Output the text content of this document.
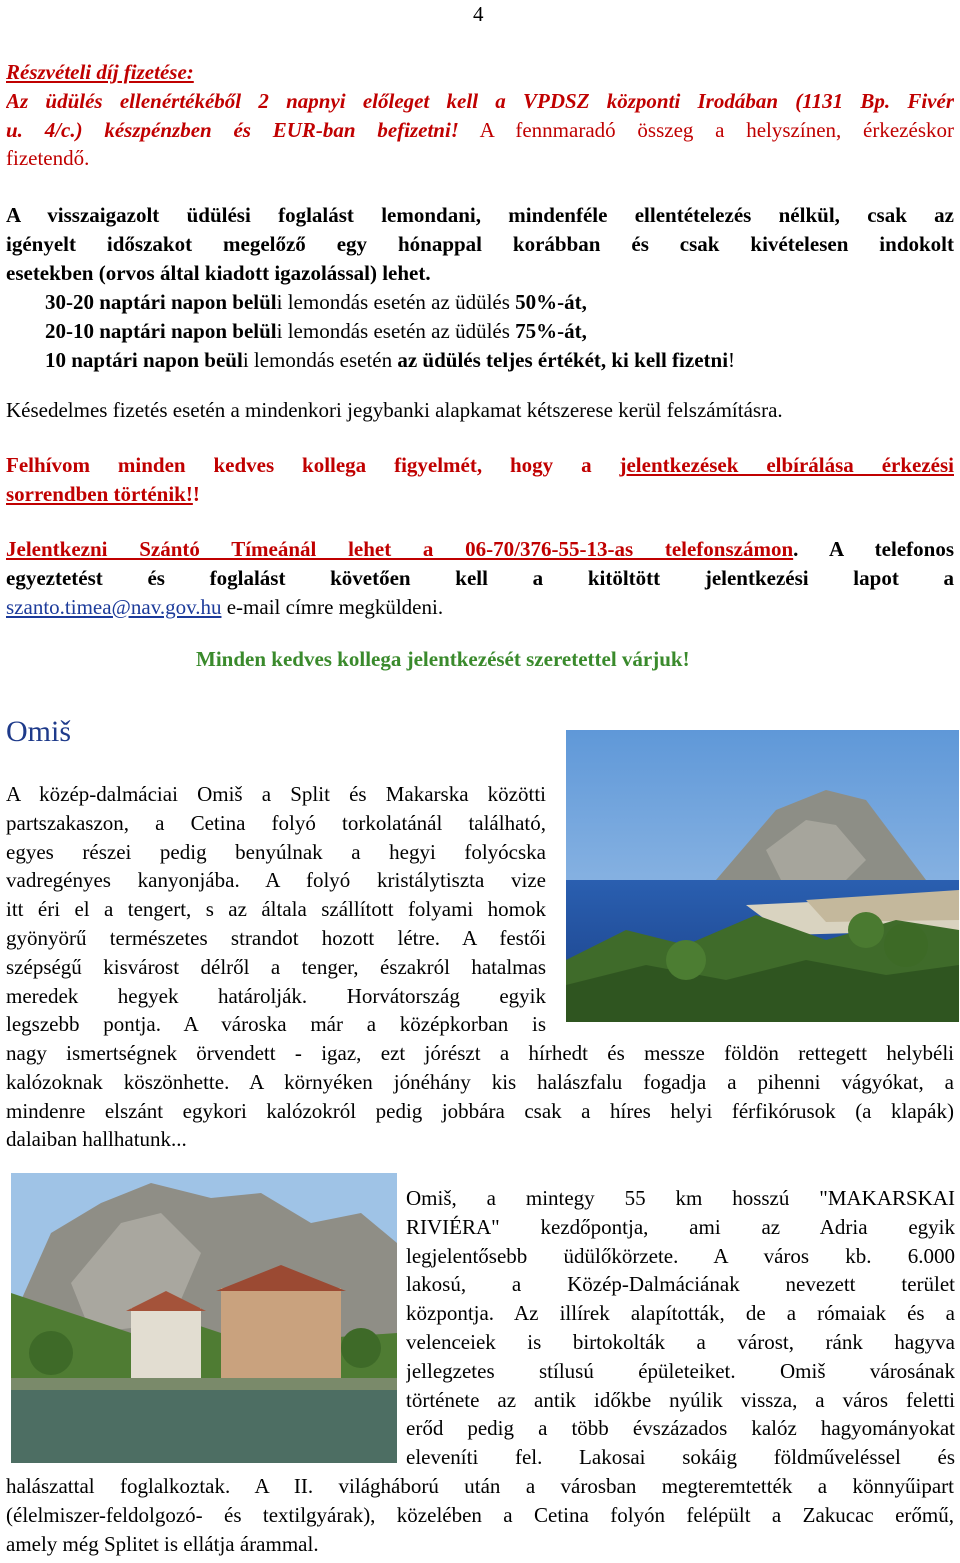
4
Részvételi díj fizetése:
Az üdülés ellenértékéből 2 napnyi előleget kell a VPDSZ központi Irodában (1131 Bp. Fivér
u. 4/c.) készpénzben és EUR-ban befizetni! A fennmaradó összeg a helyszínen, érkezéskor
fizetendő.
A visszaigazolt üdülési foglalást lemondani, mindenféle ellentételezés nélkül, csak az
igényelt időszakot megelőző egy hónappal korábban és csak kivételesen indokolt
esetekben (orvos által kiadott igazolással) lehet.
30-20 naptári napon belüli lemondás esetén az üdülés 50%-át,
20-10 naptári napon belüli lemondás esetén az üdülés 75%-át,
10 naptári napon beüli lemondás esetén az üdülés teljes értékét, ki kell fizetni!
Késedelmes fizetés esetén a mindenkori jegybanki alapkamat kétszerese kerül felszámításra.
Felhívom minden kedves kollega figyelmét, hogy a jelentkezések elbírálása érkezési
sorrendben történik!!
Jelentkezni Szántó Tímeánál lehet a 06-70/376-55-13-as telefonszámon. A telefonos
egyeztetést és foglalást követően kell a kitöltött jelentkezési lapot a
szanto.timea@nav.gov.hu e-mail címre megküldeni.
Minden kedves kollega jelentkezését szeretettel várjuk!
Omiš
A közép-dalmáciai Omiš a Split és Makarska közötti
partszakaszon, a Cetina folyó torkolatánál található,
egyes részei pedig benyúlnak a hegyi folyócska
vadregényes kanyonjába. A folyó kristálytiszta vize
itt éri el a tengert, s az általa szállított folyami homok
gyönyörű természetes strandot hozott létre. A festői
szépségű kisvárost délről a tenger, északról hatalmas
meredek hegyek határolják. Horvátország egyik
legszebb pontja. A városka már a középkorban is
nagy ismertségnek örvendett - igaz, ezt jórészt a hírhedt és messze földön rettegett helybéli
kalózoknak köszönhette. A környéken jónéhány kis halászfalu fogadja a pihenni vágyókat, a
mindenre elszánt egykori kalózokról pedig jobbára csak a híres helyi férfikórusok (a klapák)
dalaiban hallhatunk...
Omiš, a mintegy 55 km hosszú "MAKARSKAI
RIVIÉRA" kezdőpontja, ami az Adria egyik
legjelentősebb üdülőkörzete. A város kb. 6.000
lakosú, a Közép-Dalmáciának nevezett terület
központja. Az illírek alapították, de a rómaiak és a
velenceiek is birtokolták a várost, ránk hagyva
jellegzetes stílusú épületeiket. Omiš városának
története az antik időkbe nyúlik vissza, a város feletti
erőd pedig a több évszázados kalóz hagyományokat
eleveníti fel. Lakosai sokáig földműveléssel és
halászattal foglalkoztak. A II. világháború után a városban megteremtették a könnyűipart
(élelmiszer-feldolgozó- és textilgyárak), közelében a Cetina folyón felépült a Zakucac erőmű,
amely még Splitet is ellátja árammal.
